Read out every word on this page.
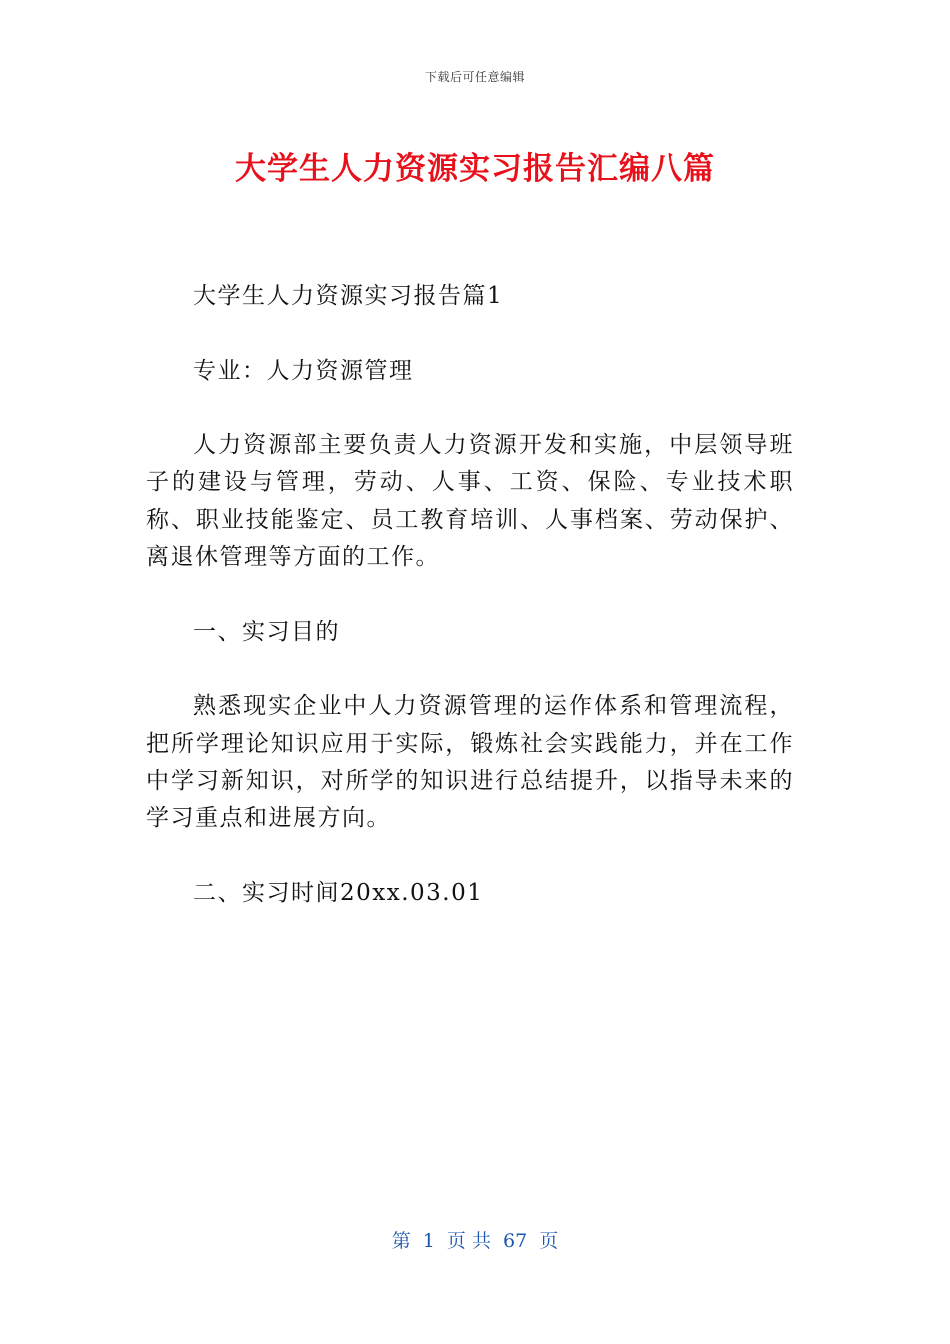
下载后可任意编辑
大学生人力资源实习报告汇编八篇

大学生人力资源实习报告篇1

专业：人力资源管理

人力资源部主要负责人力资源开发和实施，中层领导班子的建设与管理，劳动、人事、工资、保险、专业技术职称、职业技能鉴定、员工教育培训、人事档案、劳动保护、离退休管理等方面的工作。

一、实习目的

熟悉现实企业中人力资源管理的运作体系和管理流程，把所学理论知识应用于实际，锻炼社会实践能力，并在工作中学习新知识，对所学的知识进行总结提升，以指导未来的学习重点和进展方向。

二、实习时间20xx.03.01

第 1 页 共 67 页
